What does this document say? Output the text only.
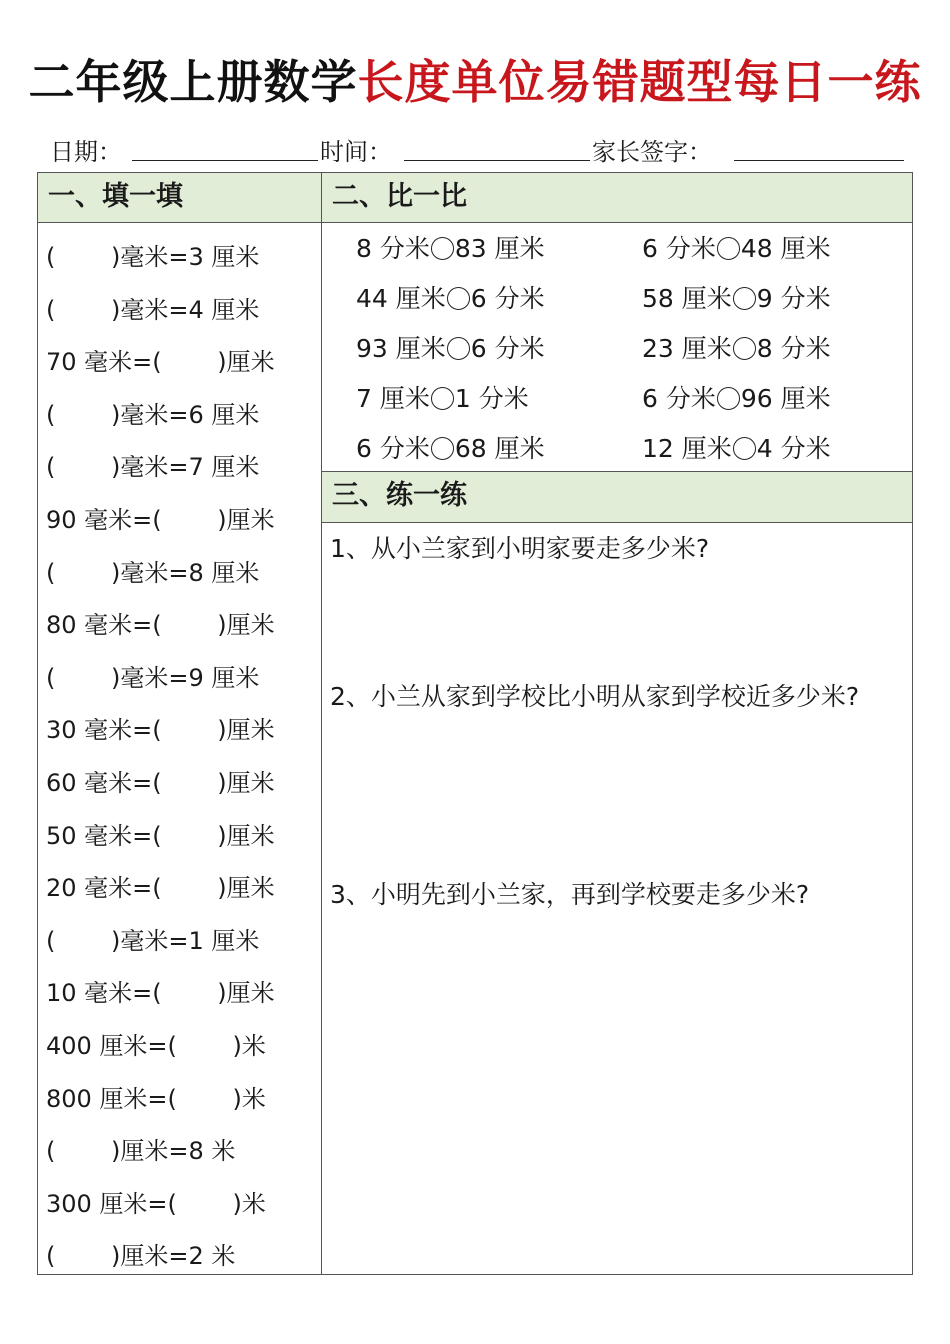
二年级上册数学长度单位易错题型每日一练
日期：	时间：	家长签字：
一、填一填
(　　 )毫米=3 厘米
(　　 )毫米=4 厘米
70 毫米=(　　 )厘米
(　　 )毫米=6 厘米
(　　 )毫米=7 厘米
90 毫米=(　　 )厘米
(　　 )毫米=8 厘米
80 毫米=(　　 )厘米
(　　 )毫米=9 厘米
30 毫米=(　　 )厘米
60 毫米=(　　 )厘米
50 毫米=(　　 )厘米
20 毫米=(　　 )厘米
(　　 )毫米=1 厘米
10 毫米=(　　 )厘米
400 厘米=(　　 )米
800 厘米=(　　 )米
(　　 )厘米=8 米
300 厘米=(　　 )米
(　　 )厘米=2 米
二、比一比
8 分米 83 厘米
44 厘米 6 分米
93 厘米 6 分米
7 厘米 1 分米
6 分米 68 厘米
6 分米 48 厘米
58 厘米 9 分米
23 厘米 8 分米
6 分米 96 厘米
12 厘米 4 分米
三、练一练
1、从小兰家到小明家要走多少米?
2、小兰从家到学校比小明从家到学校近多少米?
3、小明先到小兰家，再到学校要走多少米?
